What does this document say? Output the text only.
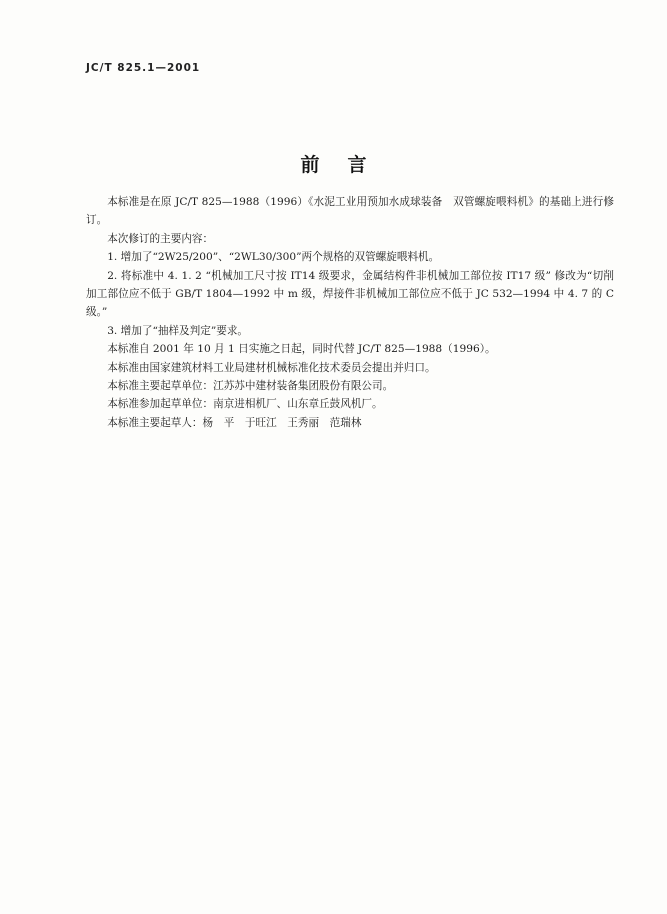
JC/T 825.1—2001
前言

本标准是在原 JC/T 825—1988（1996）《水泥工业用预加水成球装备　双管螺旋喂料机》的基础上进行修订。

本次修订的主要内容：

1. 增加了“2W25/200”、“2WL30/300”两个规格的双管螺旋喂料机。

2. 将标准中 4. 1. 2 “机械加工尺寸按 IT14 级要求，金属结构件非机械加工部位按 IT17 级” 修改为“切削加工部位应不低于 GB/T 1804—1992 中 m 级，焊接件非机械加工部位应不低于 JC 532—1994 中 4. 7 的 C 级。”

3. 增加了“抽样及判定”要求。

本标准自 2001 年 10 月 1 日实施之日起，同时代替 JC/T 825—1988（1996）。

本标准由国家建筑材料工业局建材机械标准化技术委员会提出并归口。

本标准主要起草单位：江苏苏中建材装备集团股份有限公司。

本标准参加起草单位：南京进相机厂、山东章丘鼓风机厂。

本标准主要起草人：杨　平　于旺江　王秀丽　范瑞林
